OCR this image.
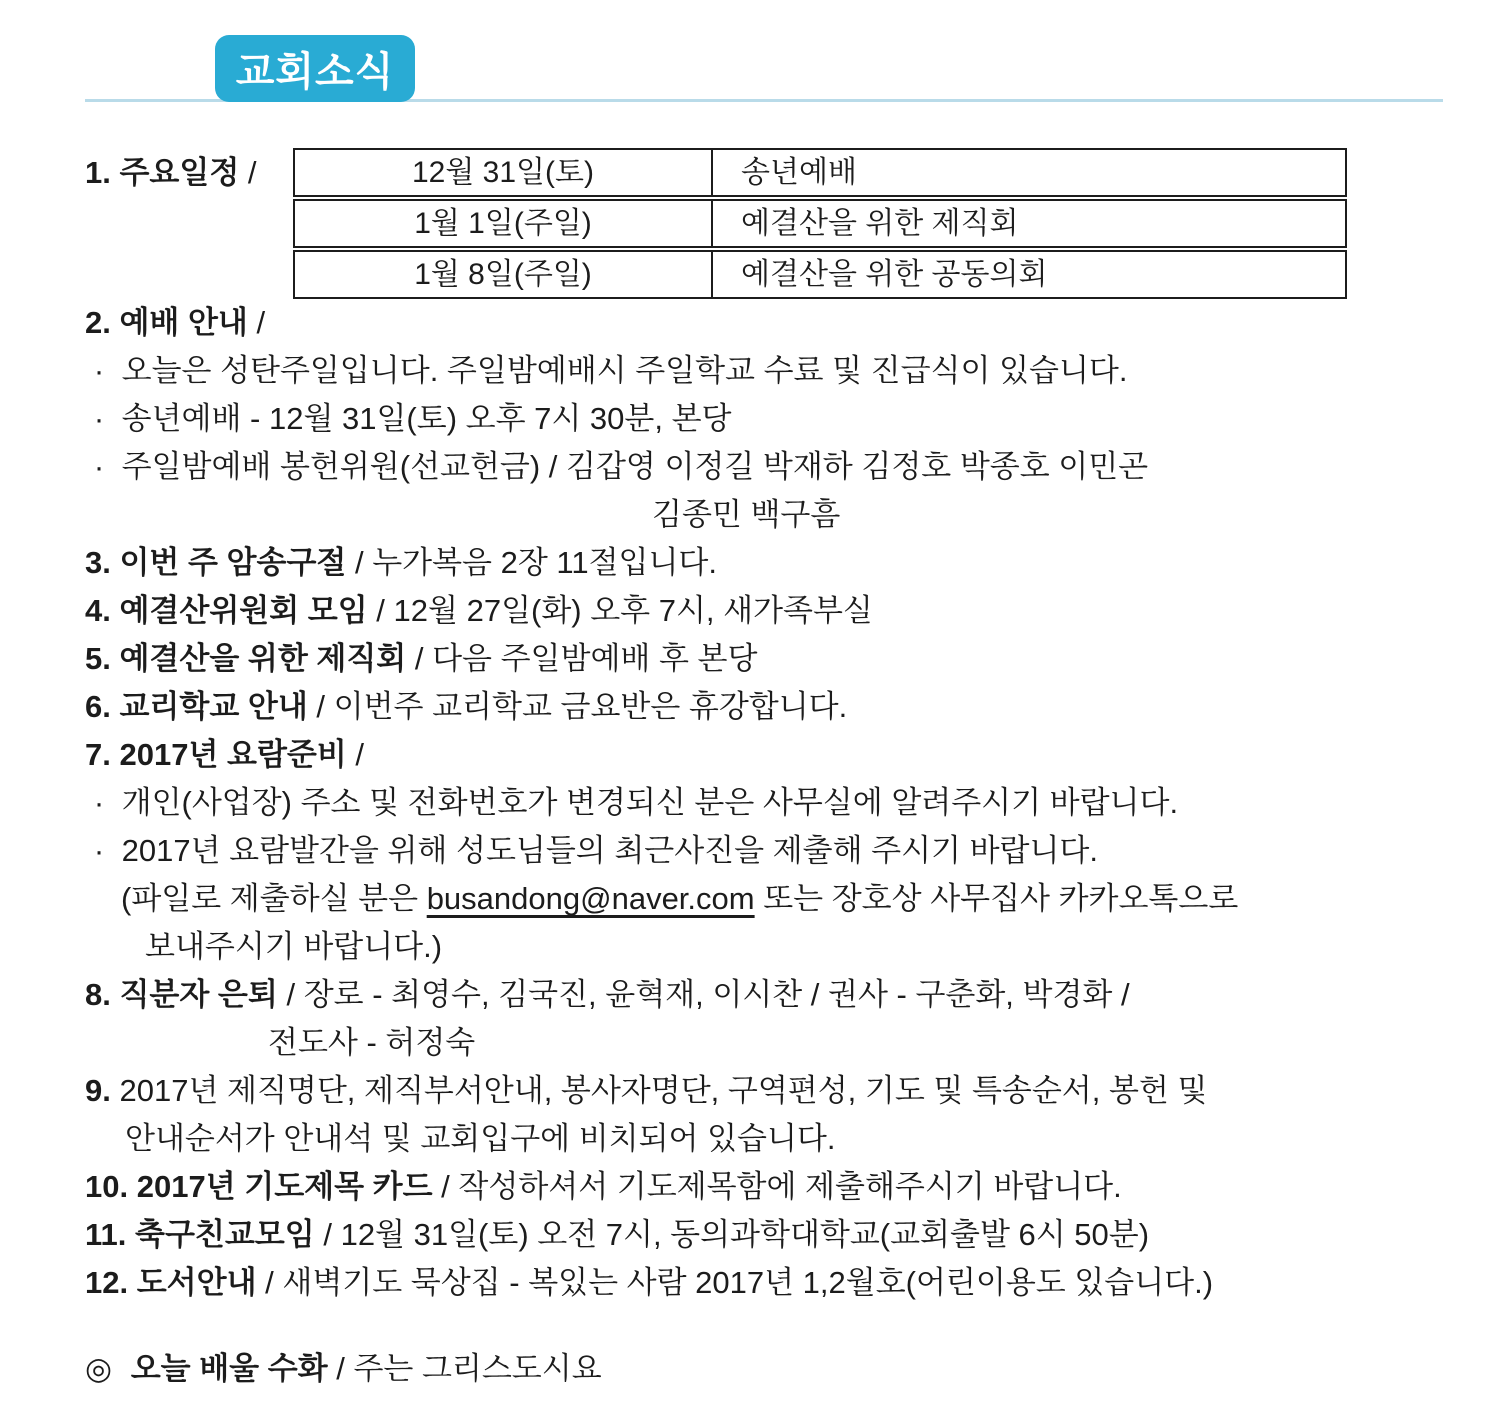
교회소식
1. 주요일정 /	12월 31일(토)	송년예배
1월 1일(주일)	예결산을 위한 제직회
1월 8일(주일)	예결산을 위한 공동의회
2. 예배 안내 /
· 오늘은 성탄주일입니다. 주일밤예배시 주일학교 수료 및 진급식이 있습니다.
· 송년예배 - 12월 31일(토) 오후 7시 30분, 본당
· 주일밤예배 봉헌위원(선교헌금) / 김갑영 이정길 박재하 김정호 박종호 이민곤
김종민 백구흠
3. 이번 주 암송구절 / 누가복음 2장 11절입니다.
4. 예결산위원회 모임 / 12월 27일(화) 오후 7시, 새가족부실
5. 예결산을 위한 제직회 / 다음 주일밤예배 후 본당
6. 교리학교 안내 / 이번주 교리학교 금요반은 휴강합니다.
7. 2017년 요람준비 /
· 개인(사업장) 주소 및 전화번호가 변경되신 분은 사무실에 알려주시기 바랍니다.
· 2017년 요람발간을 위해 성도님들의 최근사진을 제출해 주시기 바랍니다.
(파일로 제출하실 분은 busandong@naver.com 또는 장호상 사무집사 카카오톡으로
보내주시기 바랍니다.)
8. 직분자 은퇴 / 장로 - 최영수, 김국진, 윤혁재, 이시찬 / 권사 - 구춘화, 박경화 /
전도사 - 허정숙
9. 2017년 제직명단, 제직부서안내, 봉사자명단, 구역편성, 기도 및 특송순서, 봉헌 및
안내순서가 안내석 및 교회입구에 비치되어 있습니다.
10. 2017년 기도제목 카드 / 작성하셔서 기도제목함에 제출해주시기 바랍니다.
11. 축구친교모임 / 12월 31일(토) 오전 7시, 동의과학대학교(교회출발 6시 50분)
12. 도서안내 / 새벽기도 묵상집 - 복있는 사람 2017년 1,2월호(어린이용도 있습니다.)
◎ 오늘 배울 수화 / 주는 그리스도시요
